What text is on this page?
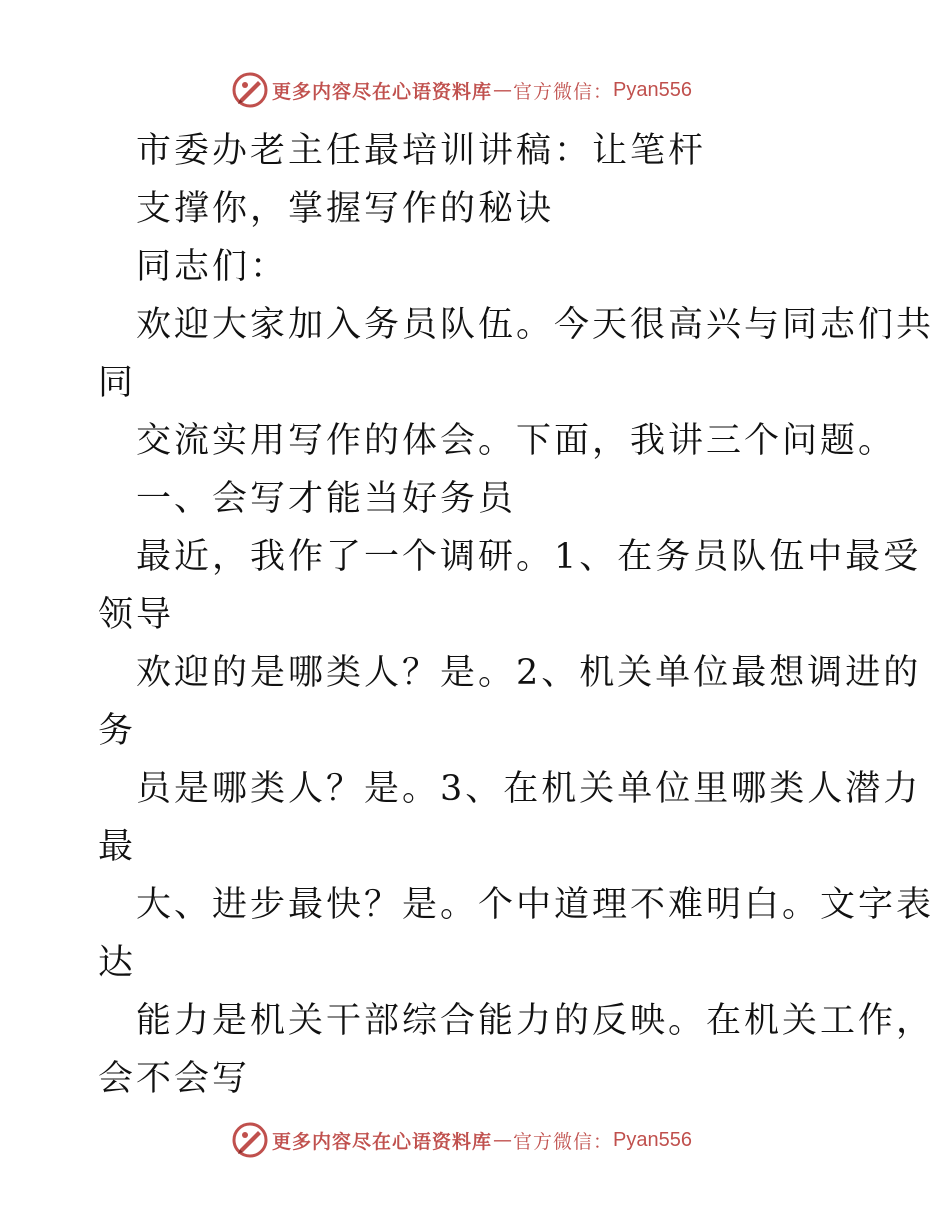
更多内容尽在心语资料库 — 官方微信： Pyan556
市委办老主任最培训讲稿：让笔杆
支撑你，掌握写作的秘诀
同志们：
欢迎大家加入务员队伍。今天很高兴与同志们共
同
交流实用写作的体会。下面，我讲三个问题。
一、会写才能当好务员
最近，我作了一个调研。1、在务员队伍中最受
领导
欢迎的是哪类人？是。2、机关单位最想调进的
务
员是哪类人？是。3、在机关单位里哪类人潜力
最
大、进步最快？是。个中道理不难明白。文字表
达
能力是机关干部综合能力的反映。在机关工作，
会不会写
更多内容尽在心语资料库 — 官方微信： Pyan556
